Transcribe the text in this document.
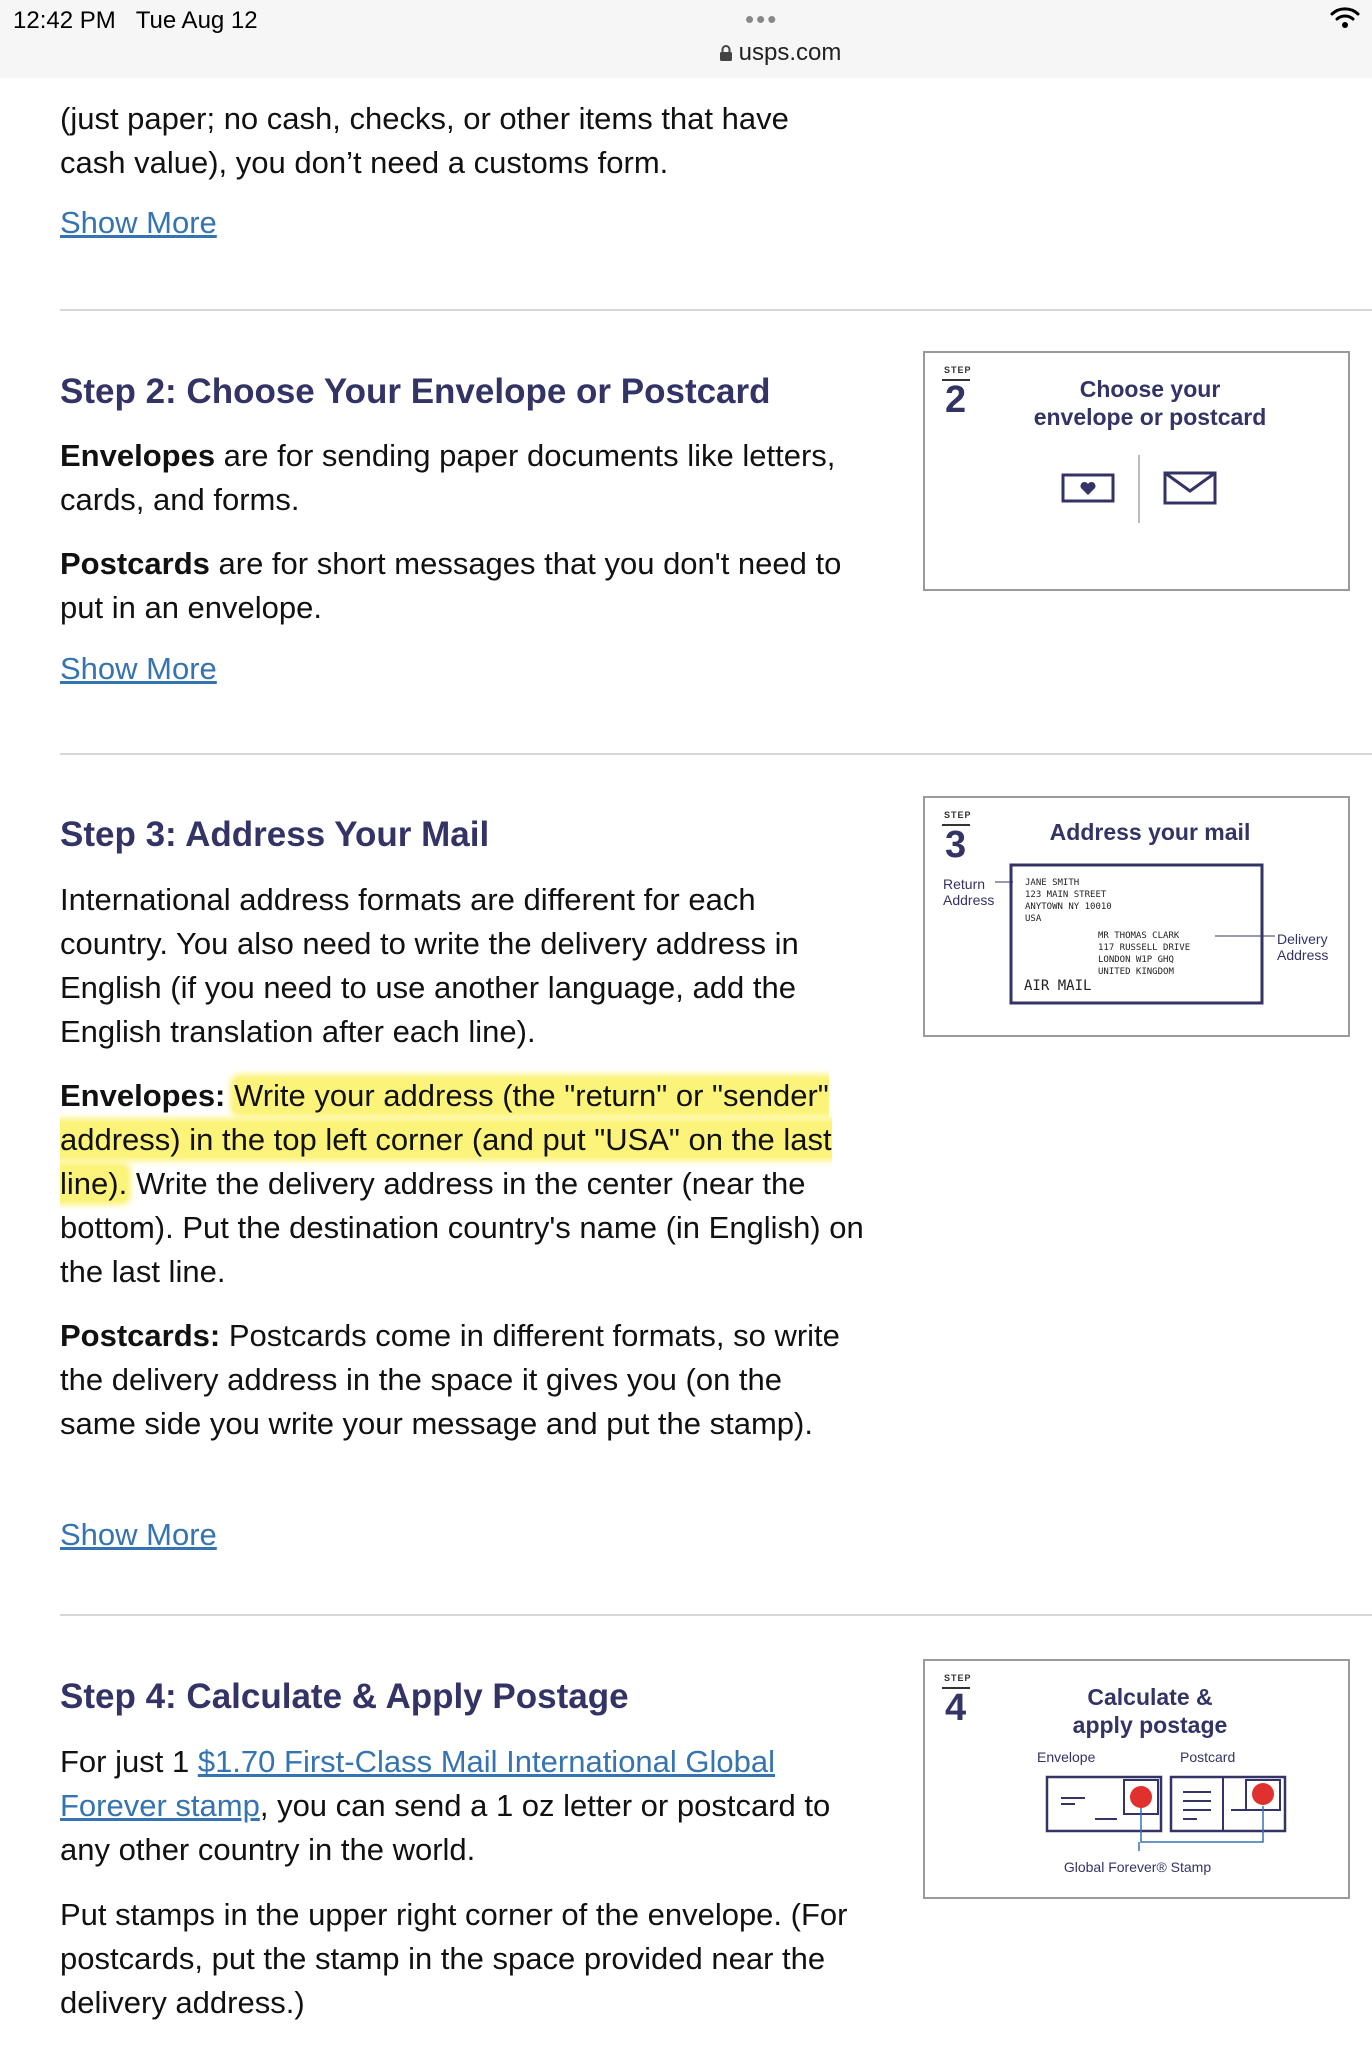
12:42 PM Tue Aug 12	•••
usps.com

(just paper; no cash, checks, or other items that have

cash value), you don’t need a customs form.

Show More
Step 2: Choose Your Envelope or Postcard
Envelopes are for sending paper documents like letters, cards, and forms.
Postcards are for short messages that you don't need to put in an envelope.
Show More
STEP
2	Choose your
envelope or postcard
Step 3: Address Your Mail
International address formats are different for each country. You also need to write the delivery address in English (if you need to use another language, add the English translation after each line).
Envelopes: Write your address (the "return" or "sender" address) in the top left corner (and put "USA" on the last line). Write the delivery address in the center (near the bottom). Put the destination country's name (in English) on the last line.
Postcards: Postcards come in different formats, so write the delivery address in the space it gives you (on the same side you write your message and put the stamp).
Show More
STEP
3	Address your mail
Return
Address
Delivery
Address
JANE SMITH
123 MAIN STREET
ANYTOWN NY 10010
USA
MR THOMAS CLARK
117 RUSSELL DRIVE
LONDON W1P GHQ
UNITED KINGDOM
AIR MAIL
Step 4: Calculate & Apply Postage
For just 1 $1.70 First-Class Mail International Global Forever stamp, you can send a 1 oz letter or postcard to any other country in the world.
Put stamps in the upper right corner of the envelope. (For postcards, put the stamp in the space provided near the delivery address.)
STEP
4	Calculate &
apply postage
Envelope	Postcard
Global Forever® Stamp
